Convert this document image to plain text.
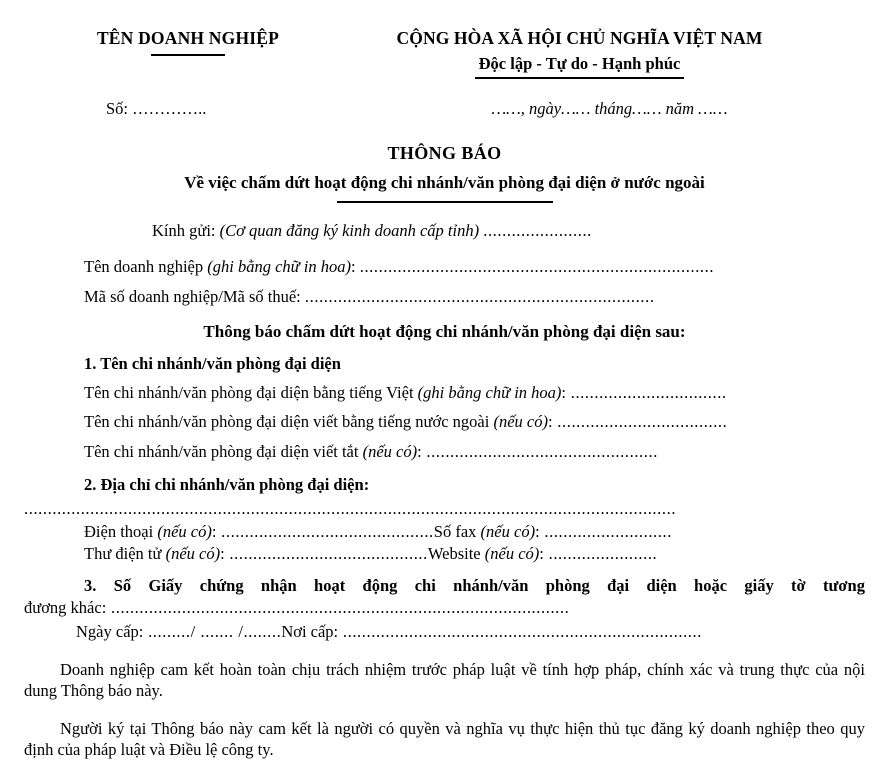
TÊN DOANH NGHIỆP	CỘNG HÒA XÃ HỘI CHỦ NGHĨA VIỆT NAM
Độc lập - Tự do - Hạnh phúc
Số: …………..	……, ngày…… tháng…… năm ……
THÔNG BÁO
Về việc chấm dứt hoạt động chi nhánh/văn phòng đại diện ở nước ngoài
Kính gửi: (Cơ quan đăng ký kinh doanh cấp tỉnh) .......................
Tên doanh nghiệp (ghi bằng chữ in hoa): ...........................................................................
Mã số doanh nghiệp/Mã số thuế: ..........................................................................
Thông báo chấm dứt hoạt động chi nhánh/văn phòng đại diện sau:
1. Tên chi nhánh/văn phòng đại diện
Tên chi nhánh/văn phòng đại diện bằng tiếng Việt (ghi bằng chữ in hoa): .................................
Tên chi nhánh/văn phòng đại diện viết bằng tiếng nước ngoài (nếu có): ....................................
Tên chi nhánh/văn phòng đại diện viết tắt (nếu có): .................................................
2. Địa chỉ chi nhánh/văn phòng đại diện:
..........................................................................................................................................
Điện thoại (nếu có): .............................................Số fax (nếu có): ...........................
Thư điện tử (nếu có): ..........................................Website (nếu có): .......................
3. Số Giấy chứng nhận hoạt động chi nhánh/văn phòng đại diện hoặc giấy tờ tương
đương khác: .................................................................................................
Ngày cấp: ........./ ....... /........Nơi cấp: ............................................................................
Doanh nghiệp cam kết hoàn toàn chịu trách nhiệm trước pháp luật về tính hợp pháp, chính xác và trung thực của nội dung Thông báo này.
Người ký tại Thông báo này cam kết là người có quyền và nghĩa vụ thực hiện thủ tục đăng ký doanh nghiệp theo quy định của pháp luật và Điều lệ công ty.
